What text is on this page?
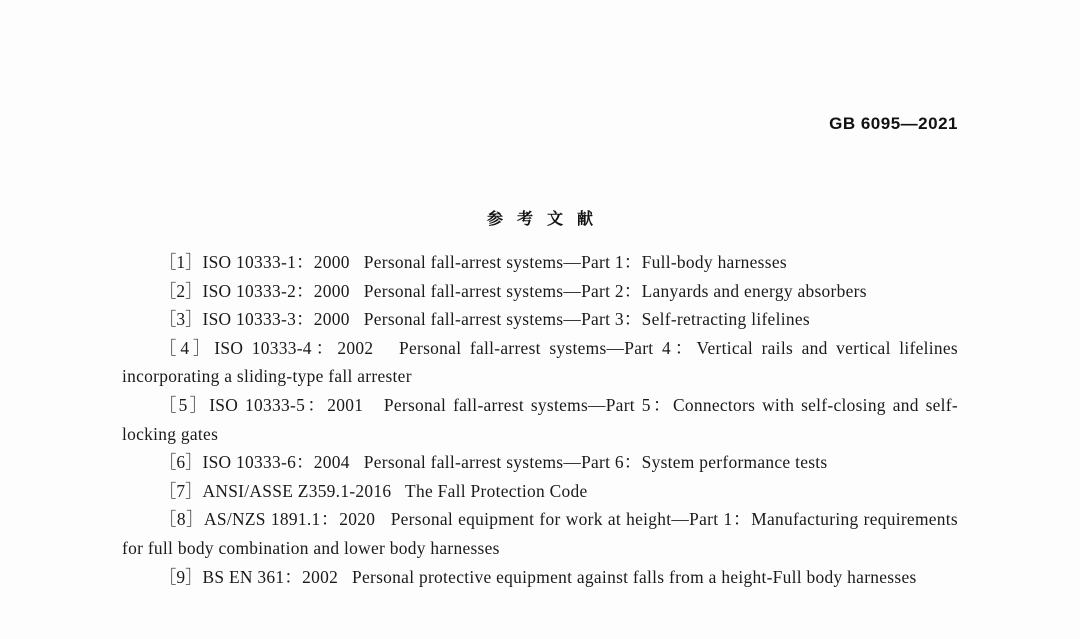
GB 6095—2021
参考文献
［1］ISO 10333-1：2000   Personal fall-arrest systems—Part 1：Full-body harnesses
［2］ISO 10333-2：2000   Personal fall-arrest systems—Part 2：Lanyards and energy absorbers
［3］ISO 10333-3：2000   Personal fall-arrest systems—Part 3：Self-retracting lifelines
［4］ISO 10333-4：2002   Personal fall-arrest systems—Part 4：Vertical rails and vertical lifelines incorporating a sliding-type fall arrester
［5］ISO 10333-5：2001   Personal fall-arrest systems—Part 5：Connectors with self-closing and self-locking gates
［6］ISO 10333-6：2004   Personal fall-arrest systems—Part 6：System performance tests
［7］ANSI/ASSE Z359.1-2016   The Fall Protection Code
［8］AS/NZS 1891.1：2020   Personal equipment for work at height—Part 1：Manufacturing requirements for full body combination and lower body harnesses
［9］BS EN 361：2002   Personal protective equipment against falls from a height-Full body harnesses
